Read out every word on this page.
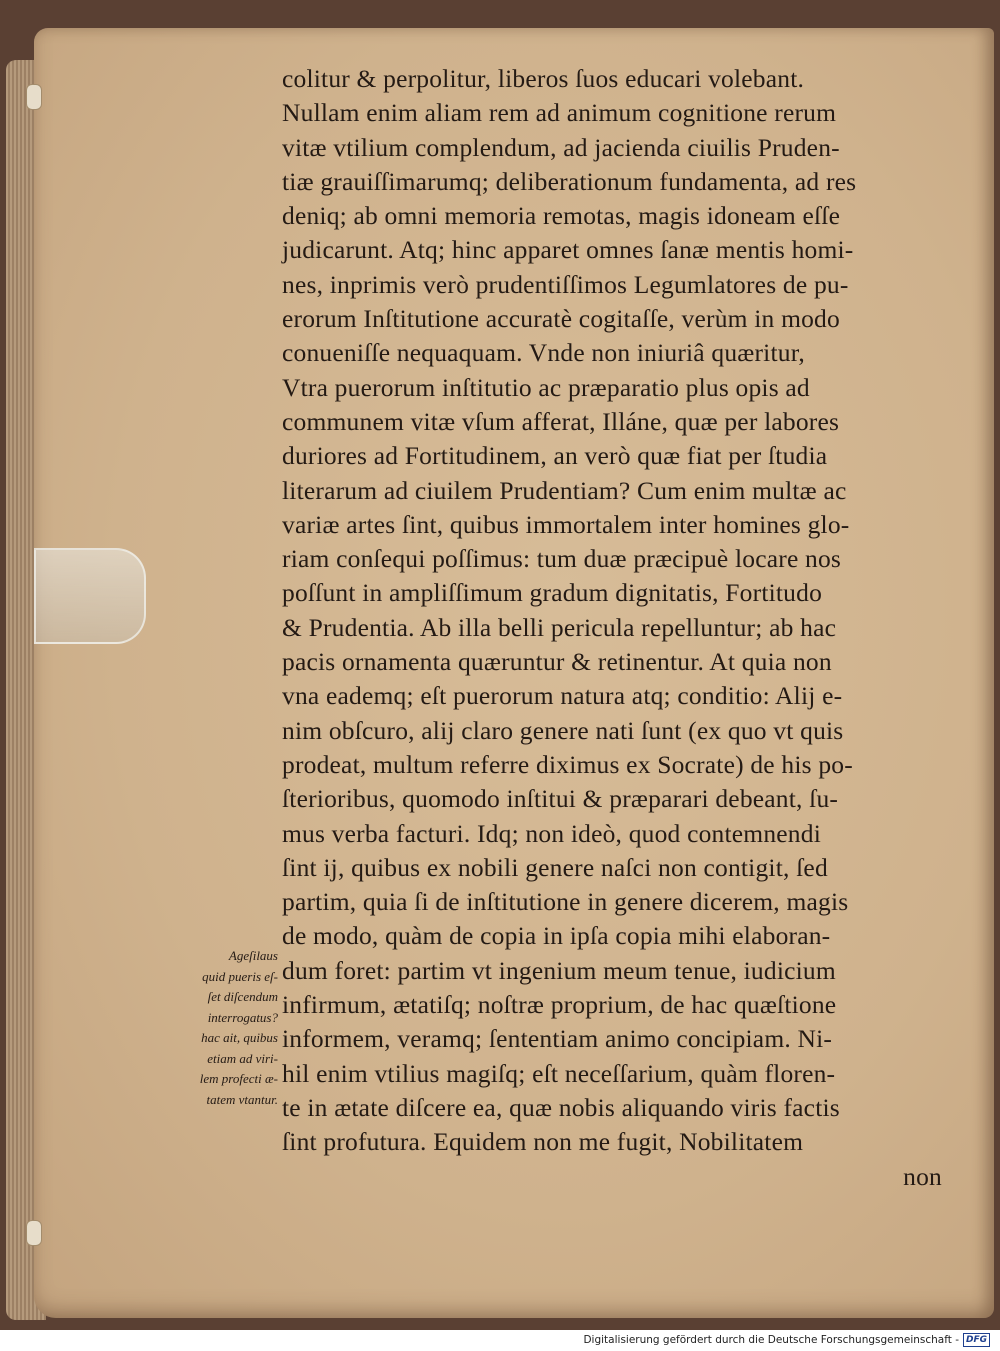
colitur & perpolitur, liberos ſuos educari volebant.
Nullam enim aliam rem ad animum cognitione rerum
vitæ vtilium complendum, ad jacienda ciuilis Pruden-
tiæ grauiſſimarumq; deliberationum fundamenta, ad res
deniq; ab omni memoria remotas, magis idoneam eſſe
judicarunt. Atq; hinc apparet omnes ſanæ mentis homi-
nes, inprimis verò prudentiſſimos Legumlatores de pu-
erorum Inſtitutione accuratè cogitaſſe, verùm in modo
conueniſſe nequaquam. Vnde non iniuriâ quæritur,
Vtra puerorum inſtitutio ac præparatio plus opis ad
communem vitæ vſum afferat, Illáne, quæ per labores
duriores ad Fortitudinem, an verò quæ fiat per ſtudia
literarum ad ciuilem Prudentiam? Cum enim multæ ac
variæ artes ſint, quibus immortalem inter homines glo-
riam conſequi poſſimus: tum duæ præcipuè locare nos
poſſunt in ampliſſimum gradum dignitatis, Fortitudo
& Prudentia. Ab illa belli pericula repelluntur; ab hac
pacis ornamenta quæruntur & retinentur. At quia non
vna eademq; eſt puerorum natura atq; conditio: Alij e-
nim obſcuro, alij claro genere nati ſunt (ex quo vt quis
prodeat, multum referre diximus ex Socrate) de his po-
ſterioribus, quomodo inſtitui & præparari debeant, ſu-
mus verba facturi. Idq; non ideò, quod contemnendi
ſint ij, quibus ex nobili genere naſci non contigit, ſed
partim, quia ſi de inſtitutione in genere dicerem, magis
de modo, quàm de copia in ipſa copia mihi elaboran-
dum foret: partim vt ingenium meum tenue, iudicium
infirmum, ætatiſq; noſtræ proprium, de hac quæſtione
informem, veramq; ſententiam animo concipiam. Ni-
hil enim vtilius magiſq; eſt neceſſarium, quàm floren-
te in ætate diſcere ea, quæ nobis aliquando viris factis
ſint profutura. Equidem non me fugit, Nobilitatem
non
Ageſilaus
quid pueris eſ-
ſet diſcendum
interrogatus?
hac ait, quibus
etiam ad viri-
lem profecti æ-
tatem vtantur.
Digitalisierung gefördert durch die Deutsche Forschungsgemeinschaft - DFG
